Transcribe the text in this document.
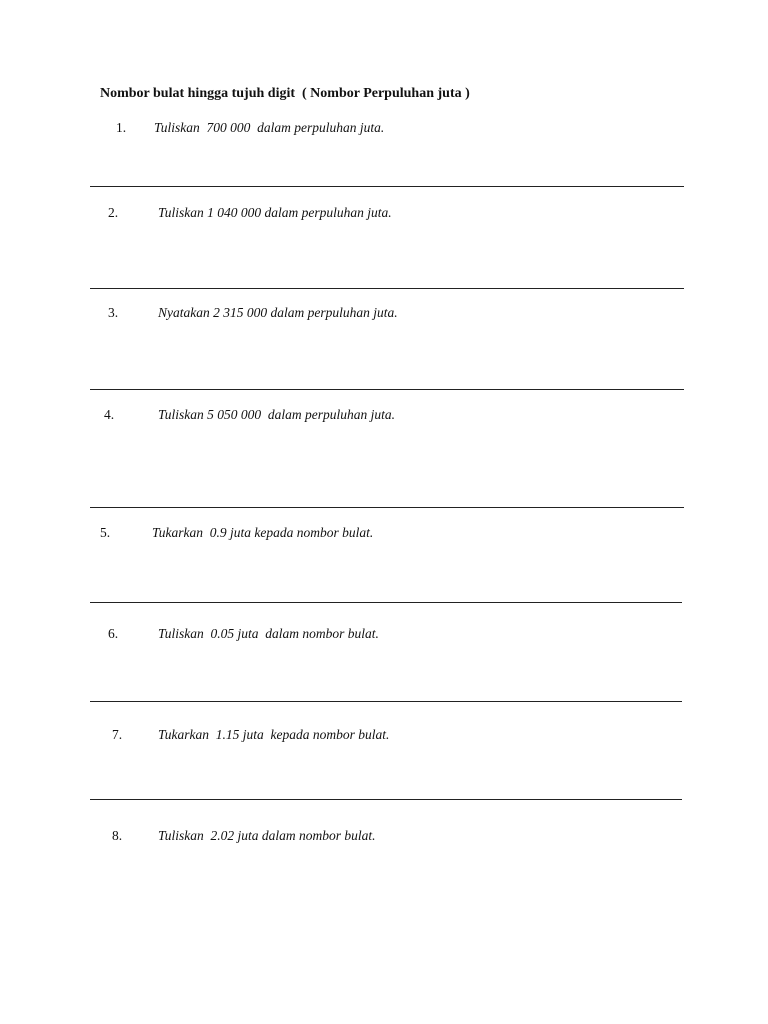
Nombor bulat hingga tujuh digit  ( Nombor Perpuluhan juta )
1. Tuliskan  700 000  dalam perpuluhan juta.
2.	Tuliskan 1 040 000 dalam perpuluhan juta.
3.	Nyatakan 2 315 000 dalam perpuluhan juta.
4.	Tuliskan 5 050 000  dalam perpuluhan juta.
5.	Tukarkan  0.9 juta kepada nombor bulat.
6.	Tuliskan  0.05 juta  dalam nombor bulat.
7.	Tukarkan  1.15 juta  kepada nombor bulat.
8.	Tuliskan  2.02 juta dalam nombor bulat.
